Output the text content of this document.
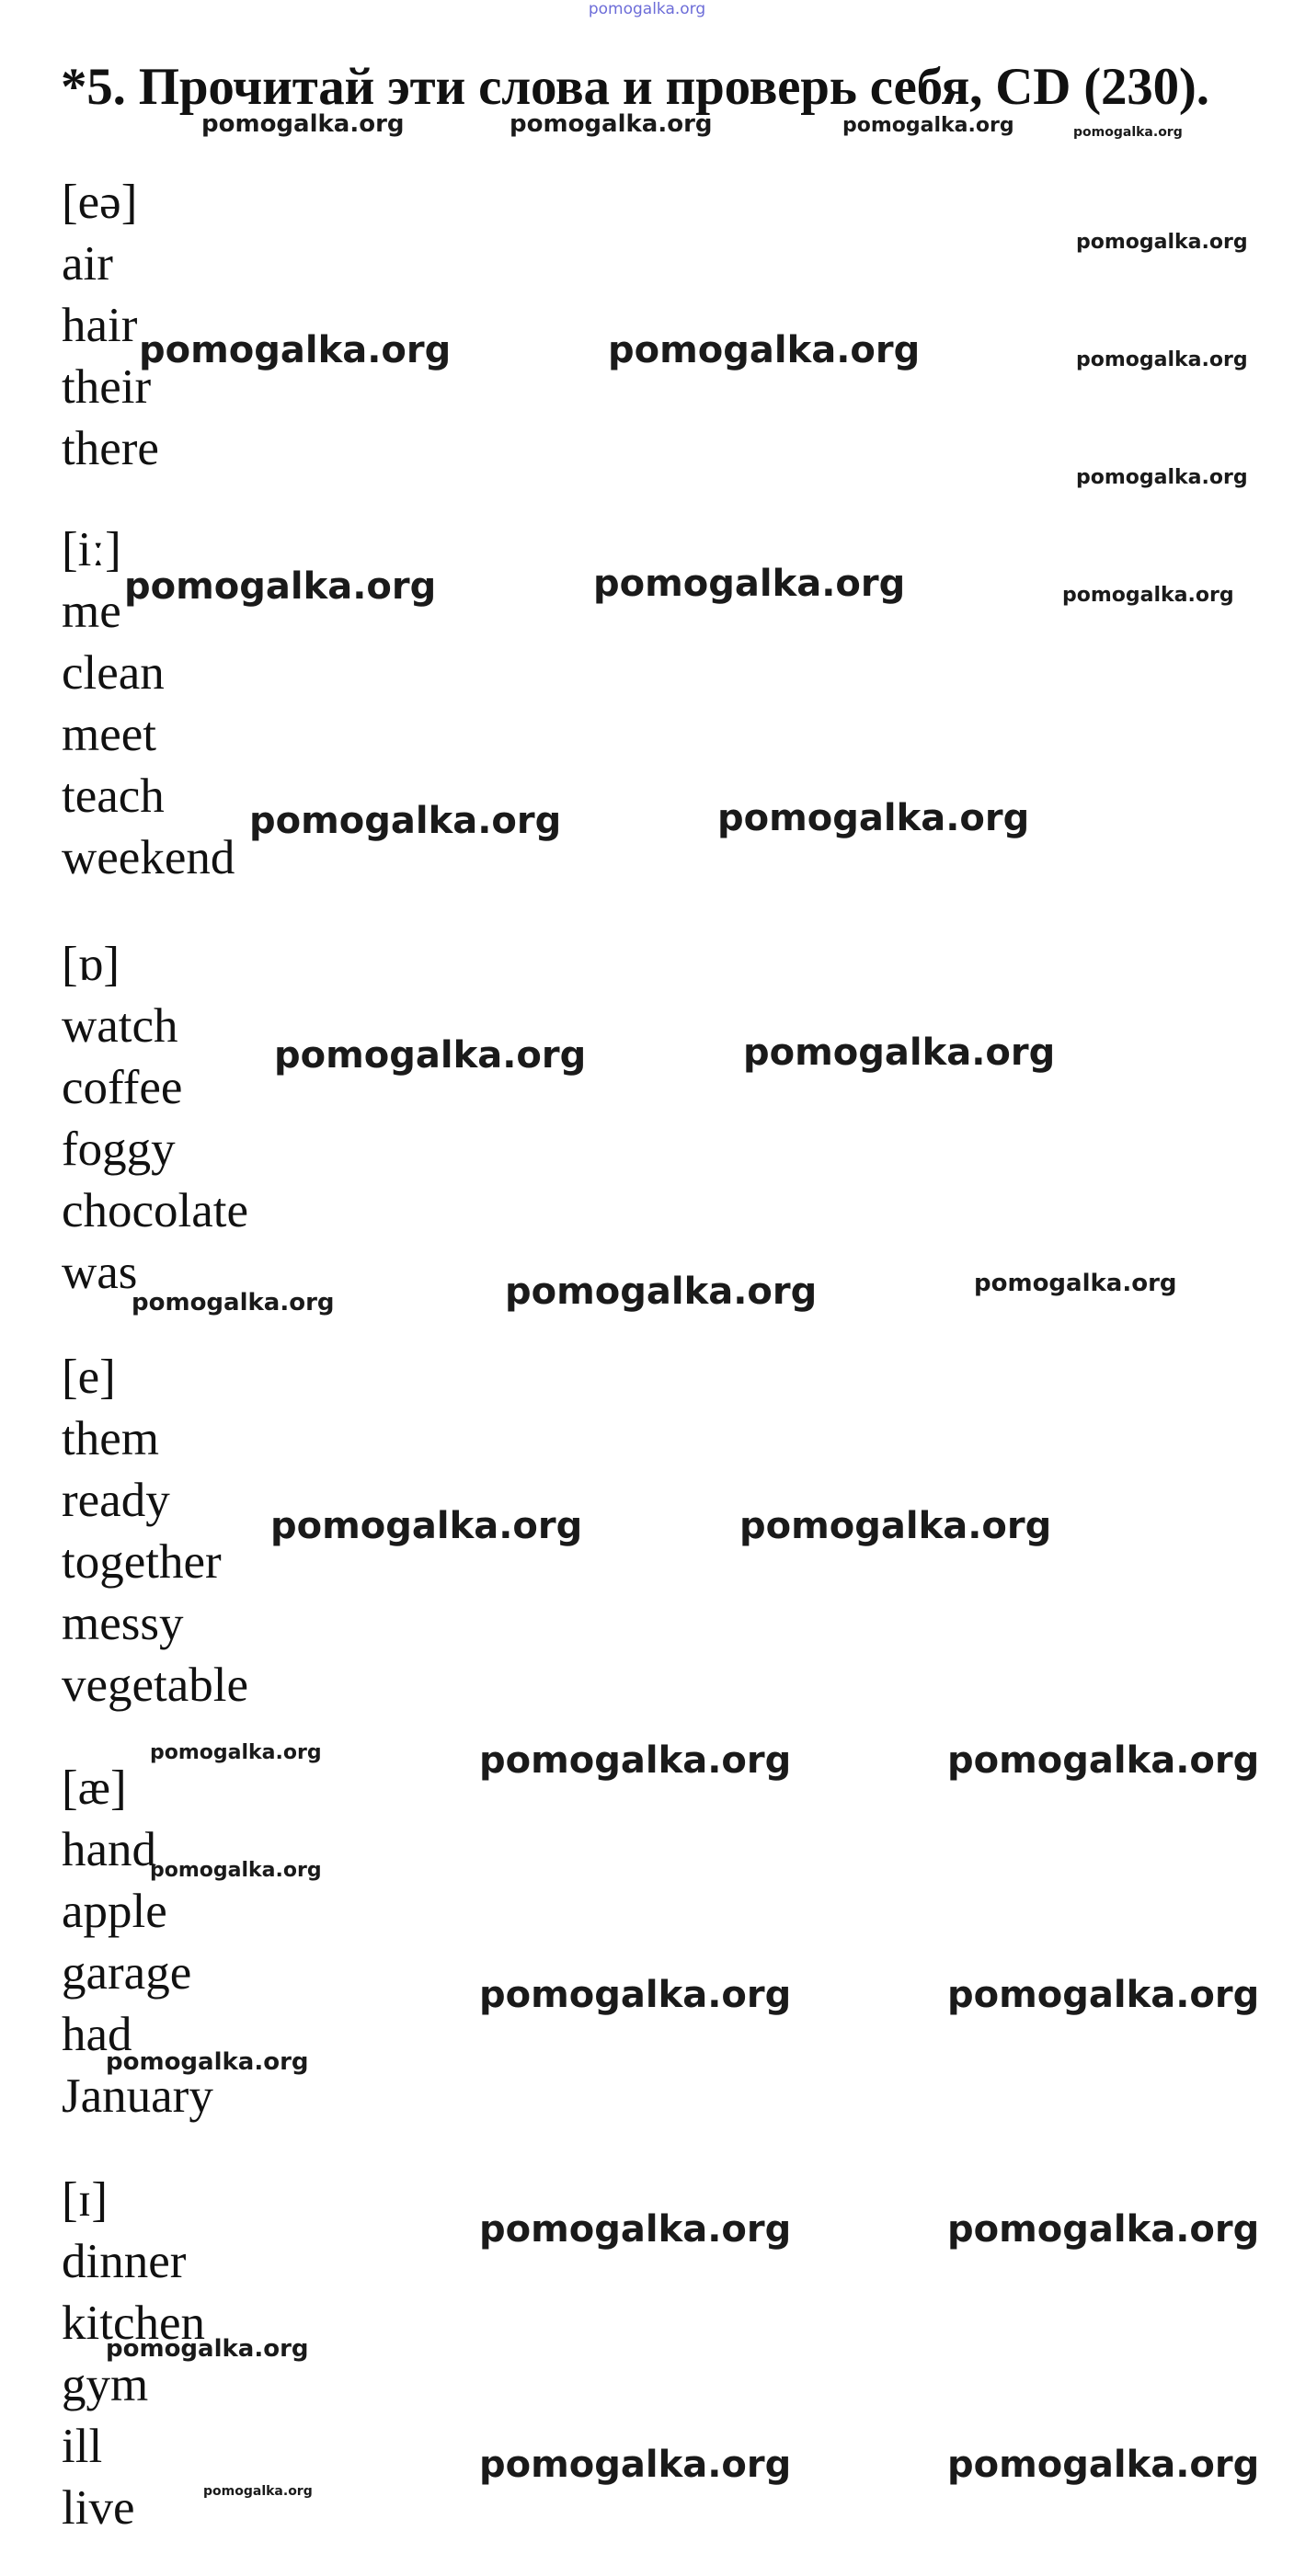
pomogalka.org
*5. Прочитай эти слова и проверь себя, CD (230).
[eə]
air
hair
their
there
[iː]
me
clean
meet
teach
weekend
[ɒ]
watch
coffee
foggy
chocolate
was
[e]
them
ready
together
messy
vegetable
[æ]
hand
apple
garage
had
January
[ɪ]
dinner
kitchen
gym
ill
live
pomogalka.org	pomogalka.org	pomogalka.org	pomogalka.org
pomogalka.org
pomogalka.org	pomogalka.org	pomogalka.org
pomogalka.org
pomogalka.org	pomogalka.org	pomogalka.org
pomogalka.org	pomogalka.org
pomogalka.org	pomogalka.org
pomogalka.org	pomogalka.org	pomogalka.org
pomogalka.org	pomogalka.org
pomogalka.org	pomogalka.org	pomogalka.org
pomogalka.org
pomogalka.org	pomogalka.org
pomogalka.org
pomogalka.org	pomogalka.org
pomogalka.org
pomogalka.org	pomogalka.org
pomogalka.org
